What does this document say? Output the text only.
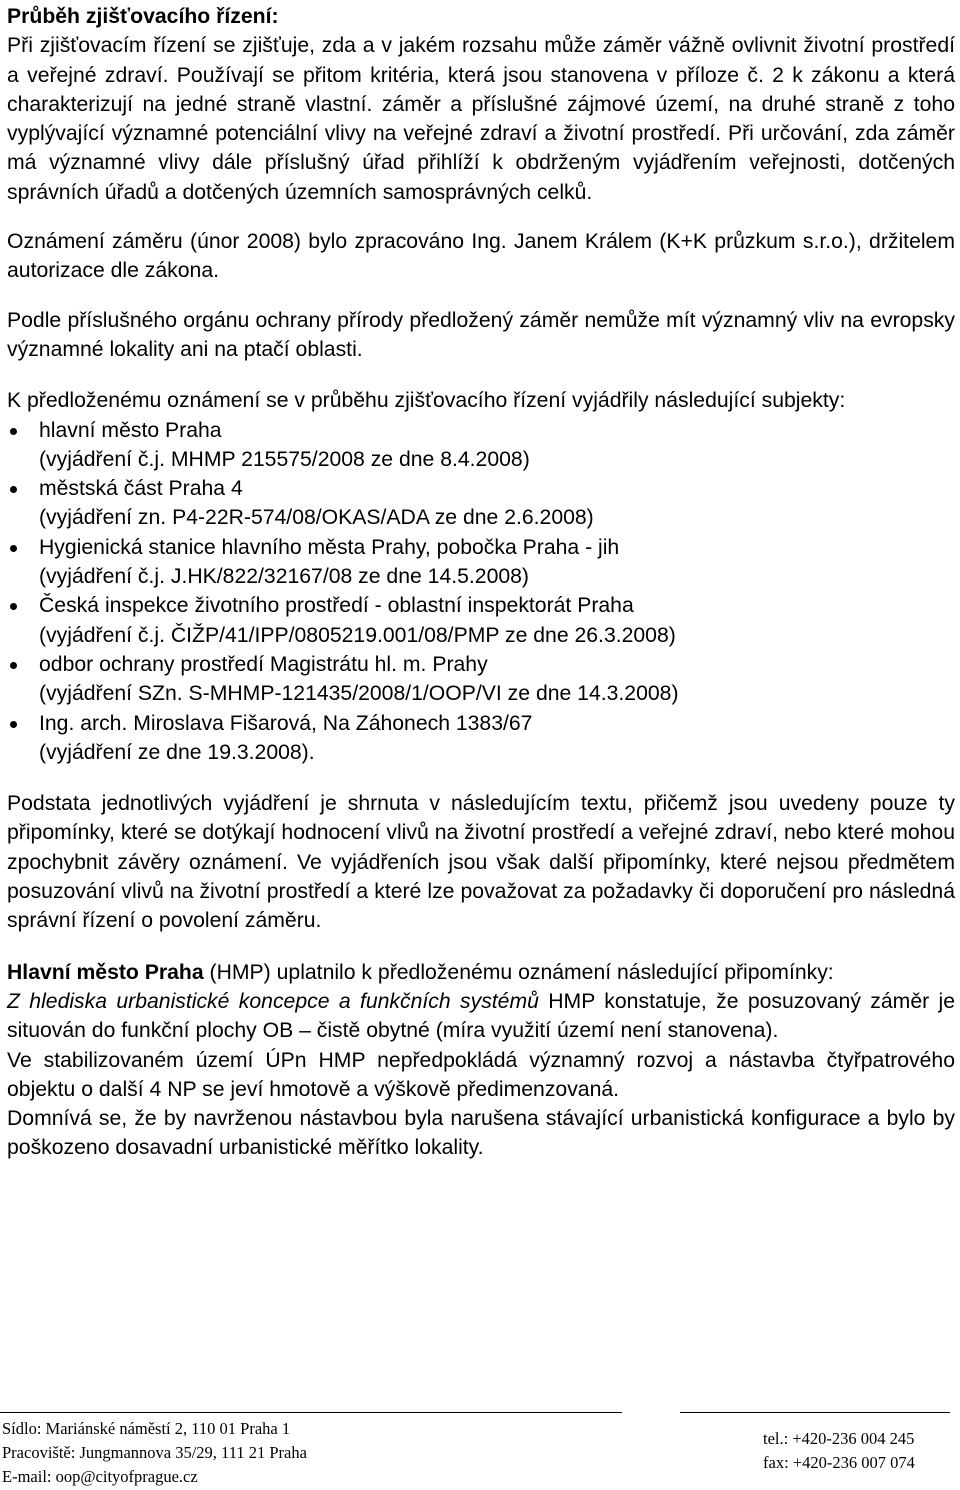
Průběh zjišťovacího řízení:

Při zjišťovacím řízení se zjišťuje, zda a v jakém rozsahu může záměr vážně ovlivnit životní prostředí a veřejné zdraví. Používají se přitom kritéria, která jsou stanovena v příloze č. 2 k zákonu a která charakterizují na jedné straně vlastní. záměr a příslušné zájmové území, na druhé straně z toho vyplývající významné potenciální vlivy na veřejné zdraví a životní prostředí. Při určování, zda záměr má významné vlivy dále příslušný úřad přihlíží k obdrženým vyjádřením veřejnosti, dotčených správních úřadů a dotčených územních samosprávných celků.

Oznámení záměru (únor 2008) bylo zpracováno Ing. Janem Králem (K+K průzkum s.r.o.), držitelem autorizace dle zákona.

Podle příslušného orgánu ochrany přírody předložený záměr nemůže mít významný vliv na evropsky významné lokality ani na ptačí oblasti.

K předloženému oznámení se v průběhu zjišťovacího řízení vyjádřily následující subjekty:

hlavní město Praha
(vyjádření č.j. MHMP 215575/2008 ze dne 8.4.2008)
městská část Praha 4
(vyjádření zn. P4-22R-574/08/OKAS/ADA ze dne 2.6.2008)
Hygienická stanice hlavního města Prahy, pobočka Praha - jih
(vyjádření č.j. J.HK/822/32167/08 ze dne 14.5.2008)
Česká inspekce životního prostředí - oblastní inspektorát Praha
(vyjádření č.j. ČIŽP/41/IPP/0805219.001/08/PMP ze dne 26.3.2008)
odbor ochrany prostředí Magistrátu hl. m. Prahy
(vyjádření SZn. S-MHMP-121435/2008/1/OOP/VI ze dne 14.3.2008)
Ing. arch. Miroslava Fišarová, Na Záhonech 1383/67
(vyjádření ze dne 19.3.2008).

Podstata jednotlivých vyjádření je shrnuta v následujícím textu, přičemž jsou uvedeny pouze ty připomínky, které se dotýkají hodnocení vlivů na životní prostředí a veřejné zdraví, nebo které mohou zpochybnit závěry oznámení. Ve vyjádřeních jsou však další připomínky, které nejsou předmětem posuzování vlivů na životní prostředí a které lze považovat za požadavky či doporučení pro následná správní řízení o povolení záměru.

Hlavní město Praha (HMP) uplatnilo k předloženému oznámení následující připomínky:

Z hlediska urbanistické koncepce a funkčních systémů HMP konstatuje, že posuzovaný záměr je situován do funkční plochy OB – čistě obytné (míra využití území není stanovena).

Ve stabilizovaném území ÚPn HMP nepředpokládá významný rozvoj a nástavba čtyřpatrového objektu o další 4 NP se jeví hmotově a výškově předimenzovaná.

Domnívá se, že by navrženou nástavbou byla narušena stávající urbanistická konfigurace a bylo by poškozeno dosavadní urbanistické měřítko lokality.

Sídlo: Mariánské náměstí 2, 110 01 Praha 1
Pracoviště: Jungmannova 35/29, 111 21 Praha
E-mail: oop@cityofprague.cz
tel.: +420-236 004 245
fax: +420-236 007 074
